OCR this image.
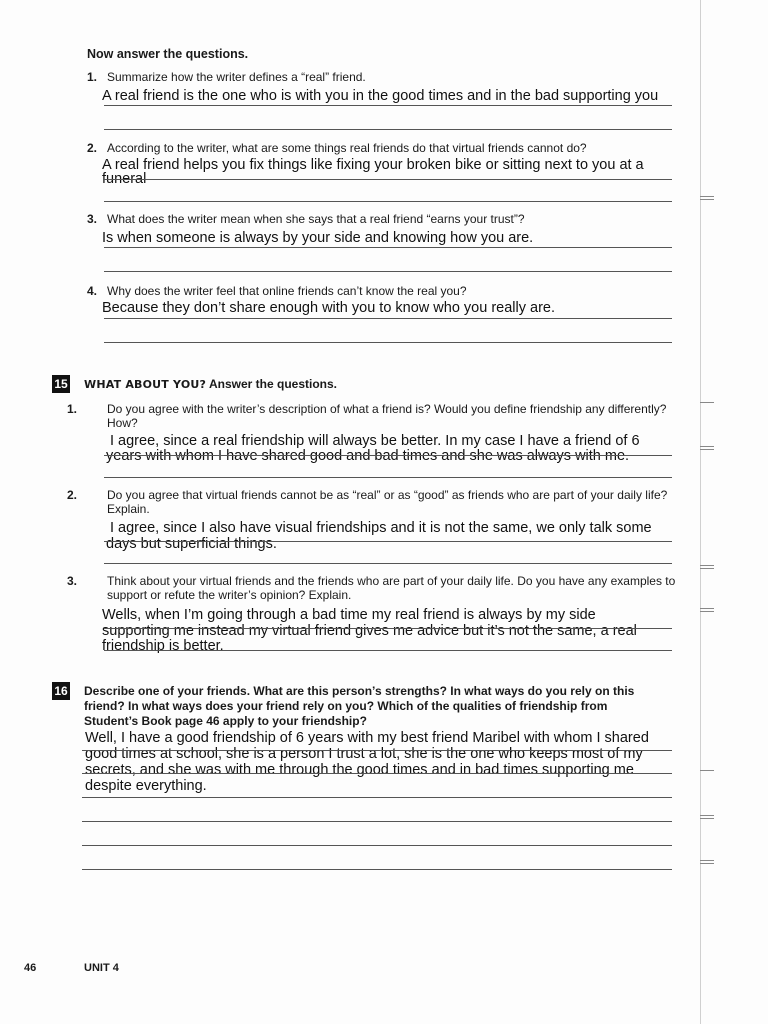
Now answer the questions.
1. Summarize how the writer defines a “real” friend.
A real friend is the one who is with you in the good times and in the bad supporting you
2. According to the writer, what are some things real friends do that virtual friends cannot do?
A real friend helps you fix things like fixing your broken bike or sitting next to you at a
funeral
3. What does the writer mean when she says that a real friend “earns your trust”?
Is when someone is always by your side and knowing how you are.
4. Why does the writer feel that online friends can’t know the real you?
Because they don’t share enough with you to know who you really are.
15 WHAT ABOUT YOU? Answer the questions.
1. Do you agree with the writer’s description of what a friend is? Would you define friendship any differently? How?
I agree, since a real friendship will always be better. In my case I have a friend of 6
years with whom I have shared good and bad times and she was always with me.
2. Do you agree that virtual friends cannot be as “real” or as “good” as friends who are part of your daily life? Explain.
I agree, since I also have visual friendships and it is not the same, we only talk some
days but superficial things.
3. Think about your virtual friends and the friends who are part of your daily life. Do you have any examples to support or refute the writer’s opinion? Explain.
Wells, when I’m going through a bad time my real friend is always by my side
supporting me instead my virtual friend gives me advice but it’s not the same, a real
friendship is better.
16 Describe one of your friends. What are this person’s strengths? In what ways do you rely on this friend? In what ways does your friend rely on you? Which of the qualities of friendship from Student’s Book page 46 apply to your friendship?
Well, I have a good friendship of 6 years with my best friend Maribel with whom I shared
good times at school, she is a person I trust a lot, she is the one who keeps most of my
secrets, and she was with me through the good times and in bad times supporting me
despite everything.
46	UNIT 4
